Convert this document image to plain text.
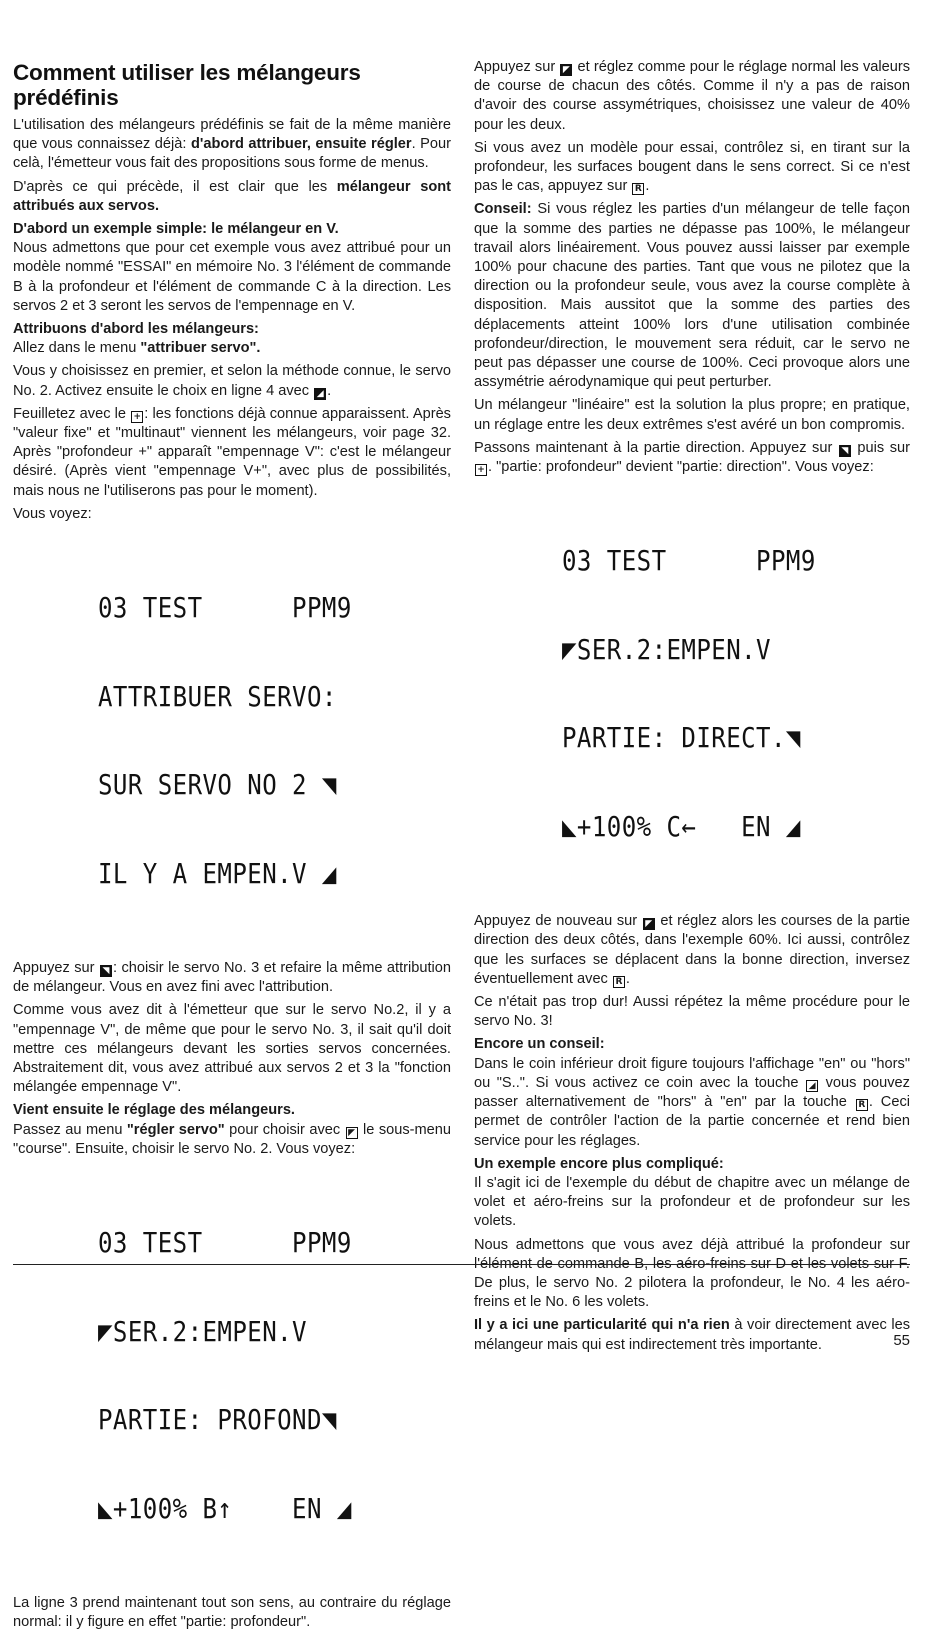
Comment utiliser les mélangeurs prédéfinis

L'utilisation des mélangeurs prédéfinis se fait de la même manière que vous connaissez déjà: d'abord attribuer, ensuite régler. Pour celà, l'émetteur vous fait des propositions sous forme de menus.

D'après ce qui précède, il est clair que les mélangeur sont attribués aux servos.

D'abord un exemple simple: le mélangeur en V.

Nous admettons que pour cet exemple vous avez attribué pour un modèle nommé "ESSAI" en mémoire No. 3 l'élément de commande B à la profondeur et l'élément de commande C à la direction. Les servos 2 et 3 seront les servos de l'empennage en V.

Attribuons d'abord les mélangeurs:

Allez dans le menu "attribuer servo".

Vous y choisissez en premier, et selon la méthode connue, le servo No. 2. Activez ensuite le choix en ligne 4 avec ◢ .

Feuilletez avec le + : les fonctions déjà connue apparaissent. Après "valeur fixe" et "multinaut" viennent les mélangeurs, voir page 32. Après "profondeur +" apparaît "empennage V": c'est le mélangeur désiré. (Après vient "empennage V+", avec plus de possibilités, mais nous ne l'utiliserons pas pour le moment).

Vous voyez:

03 TEST      PPM9

ATTRIBUER SERVO:

SUR SERVO NO 2 ◥

IL Y A EMPEN.V ◢

Appuyez sur ◥ : choisir le servo No. 3 et refaire la même attribution de mélangeur. Vous en avez fini avec l'attribution.

Comme vous avez dit à l'émetteur que sur le servo No.2, il y a "empennage V", de même que pour le servo No. 3, il sait qu'il doit mettre ces mélangeurs devant les sorties servos concernées. Abstraitement dit, vous avez attribué aux servos 2 et 3 la "fonction mélangée empennage V".

Vient ensuite le réglage des mélangeurs.

Passez au menu "régler servo" pour choisir avec ◤ le sous-menu "course". Ensuite, choisir le servo No. 2. Vous voyez:

03 TEST      PPM9

◤SER.2:EMPEN.V

PARTIE: PROFOND◥

◣+100% B↑    EN ◢

La ligne 3 prend maintenant tout son sens, au contraire du réglage normal: il y figure en effet "partie: profondeur".

Appuyez sur ◤ et réglez comme pour le réglage normal les valeurs de course de chacun des côtés. Comme il n'y a pas de raison d'avoir des course assymétriques, choisissez une valeur de 40% pour les deux.

Si vous avez un modèle pour essai, contrôlez si, en tirant sur la profondeur, les surfaces bougent dans le sens correct. Si ce n'est pas le cas, appuyez sur R .

Conseil: Si vous réglez les parties d'un mélangeur de telle façon que la somme des parties ne dépasse pas 100%, le mélangeur travail alors linéairement. Vous pouvez aussi laisser par exemple 100% pour chacune des parties. Tant que vous ne pilotez que la direction ou la profondeur seule, vous avez la course complète à disposition. Mais aussitot que la somme des parties des déplacements atteint 100% lors d'une utilisation combinée profondeur/direction, le mouvement sera réduit, car le servo ne peut pas dépasser une course de 100%. Ceci provoque alors une assymétrie aérodynamique qui peut perturber.

Un mélangeur "linéaire" est la solution la plus propre; en pratique, un réglage entre les deux extrêmes s'est avéré un bon compromis.

Passons maintenant à la partie direction. Appuyez sur ◥ puis sur + . "partie: profondeur" devient "partie: direction". Vous voyez:

03 TEST      PPM9

◤SER.2:EMPEN.V

PARTIE: DIRECT.◥

◣+100% C←   EN ◢

Appuyez de nouveau sur ◤ et réglez alors les courses de la partie direction des deux côtés, dans l'exemple 60%. Ici aussi, contrôlez que les surfaces se déplacent dans la bonne direction, inversez éventuellement avec R .

Ce n'était pas trop dur! Aussi répétez la même procédure pour le servo No. 3!

Encore un conseil:

Dans le coin inférieur droit figure toujours l'affichage "en" ou "hors" ou "S..". Si vous activez ce coin avec la touche ◢ vous pouvez passer alternativement de "hors" à "en" par la touche R . Ceci permet de contrôler l'action de la partie concernée et rend bien service pour les réglages.

Un exemple encore plus compliqué:

Il s'agit ici de l'exemple du début de chapitre avec un mélange de volet et aéro-freins sur la profondeur et de profondeur sur les volets.

Nous admettons que vous avez déjà attribué la profondeur sur l'élément de commande B, les aéro-freins sur D et les volets sur F. De plus, le servo No. 2 pilotera la profondeur, le No. 4 les aéro-freins et le No. 6 les volets.

Il y a ici une particularité qui n'a rien à voir directement avec les mélangeur mais qui est indirectement très importante.	55
